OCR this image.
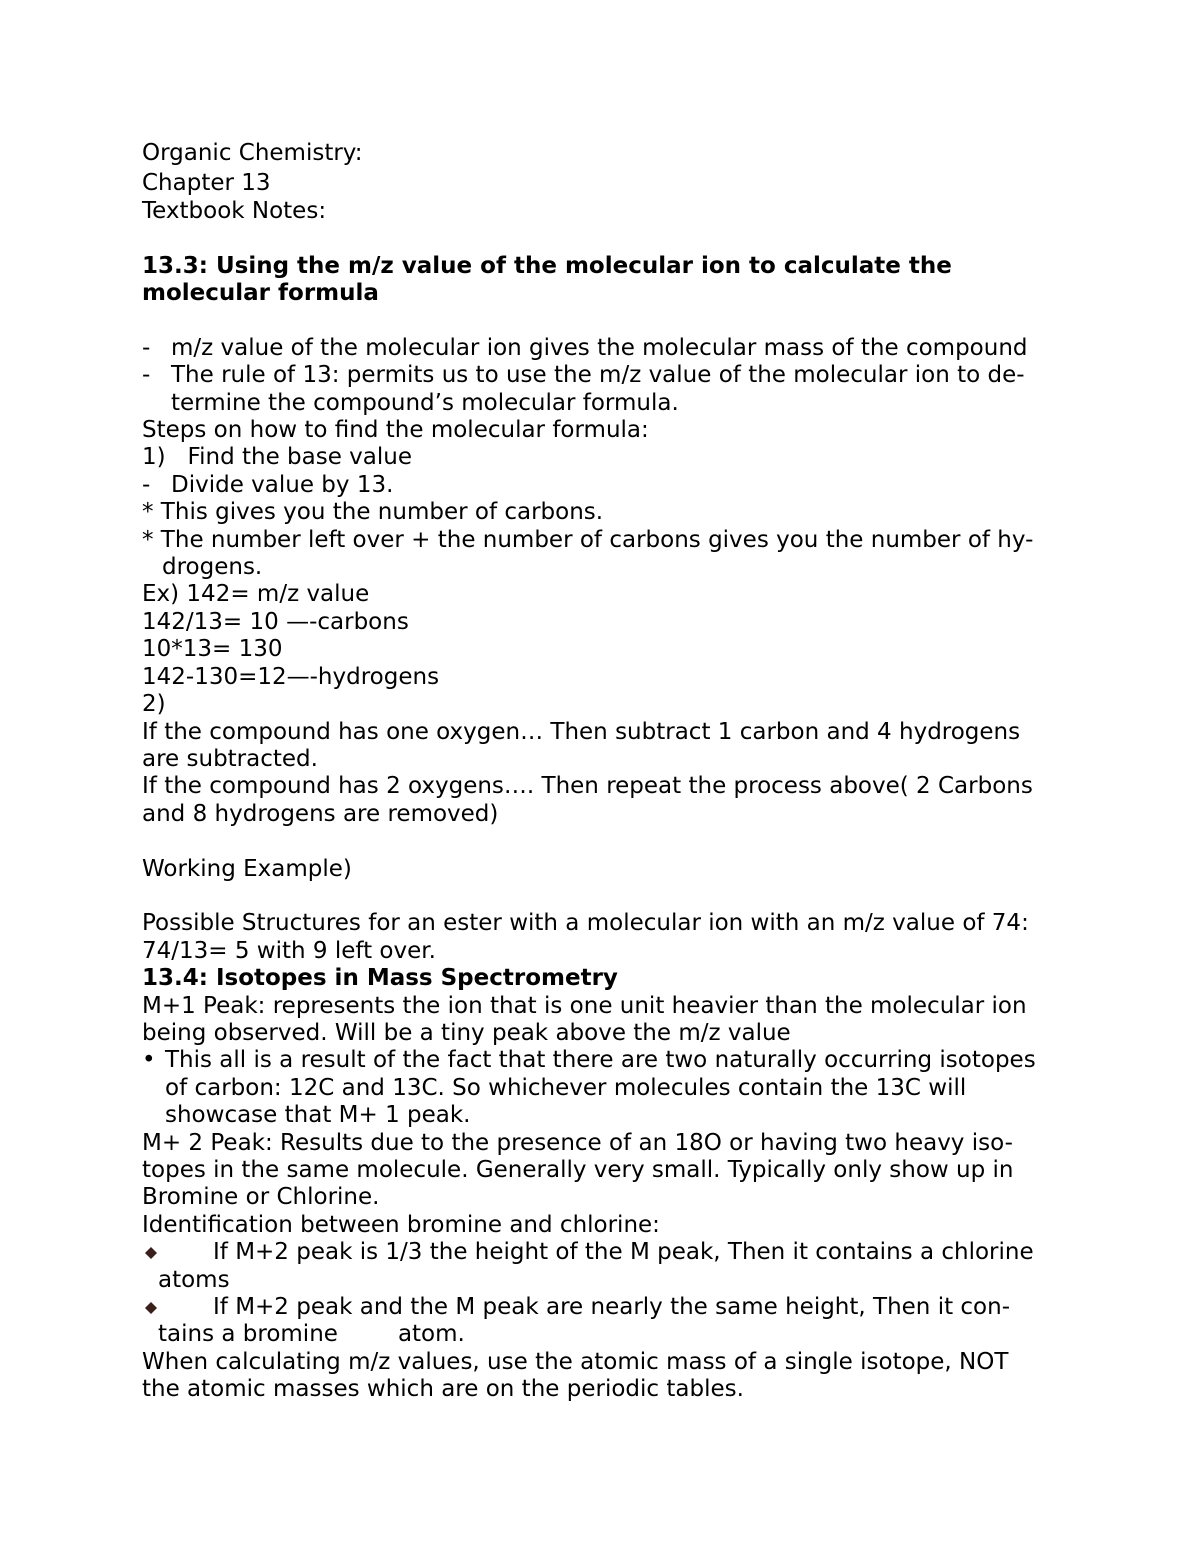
Organic Chemistry:
Chapter 13
Textbook Notes:
13.3: Using the m/z value of the molecular ion to calculate the
molecular formula
- m/z value of the molecular ion gives the molecular mass of the compound
- The rule of 13: permits us to use the m/z value of the molecular ion to de-
termine the compound’s molecular formula.
Steps on how to find the molecular formula:
1)   Find the base value
- Divide value by 13.
* This gives you the number of carbons.
* The number left over + the number of carbons gives you the number of hy-
drogens.
Ex) 142= m/z value
142/13= 10 —-carbons
10*13= 130
142-130=12—-hydrogens
2)
If the compound has one oxygen… Then subtract 1 carbon and 4 hydrogens
are subtracted.
If the compound has 2 oxygens…. Then repeat the process above( 2 Carbons
and 8 hydrogens are removed)
Working Example)
Possible Structures for an ester with a molecular ion with an m/z value of 74:
74/13= 5 with 9 left over.
13.4: Isotopes in Mass Spectrometry
M+1 Peak: represents the ion that is one unit heavier than the molecular ion
being observed. Will be a tiny peak above the m/z value
• This all is a result of the fact that there are two naturally occurring isotopes
of carbon: 12C and 13C. So whichever molecules contain the 13C will
showcase that M+ 1 peak.
M+ 2 Peak: Results due to the presence of an 18O or having two heavy iso-
topes in the same molecule. Generally very small. Typically only show up in
Bromine or Chlorine.
Identification between bromine and chlorine:
If M+2 peak is 1/3 the height of the M peak, Then it contains a chlorine
atoms
If M+2 peak and the M peak are nearly the same height, Then it con-
tains a bromine	atom.
When calculating m/z values, use the atomic mass of a single isotope, NOT
the atomic masses which are on the periodic tables.
